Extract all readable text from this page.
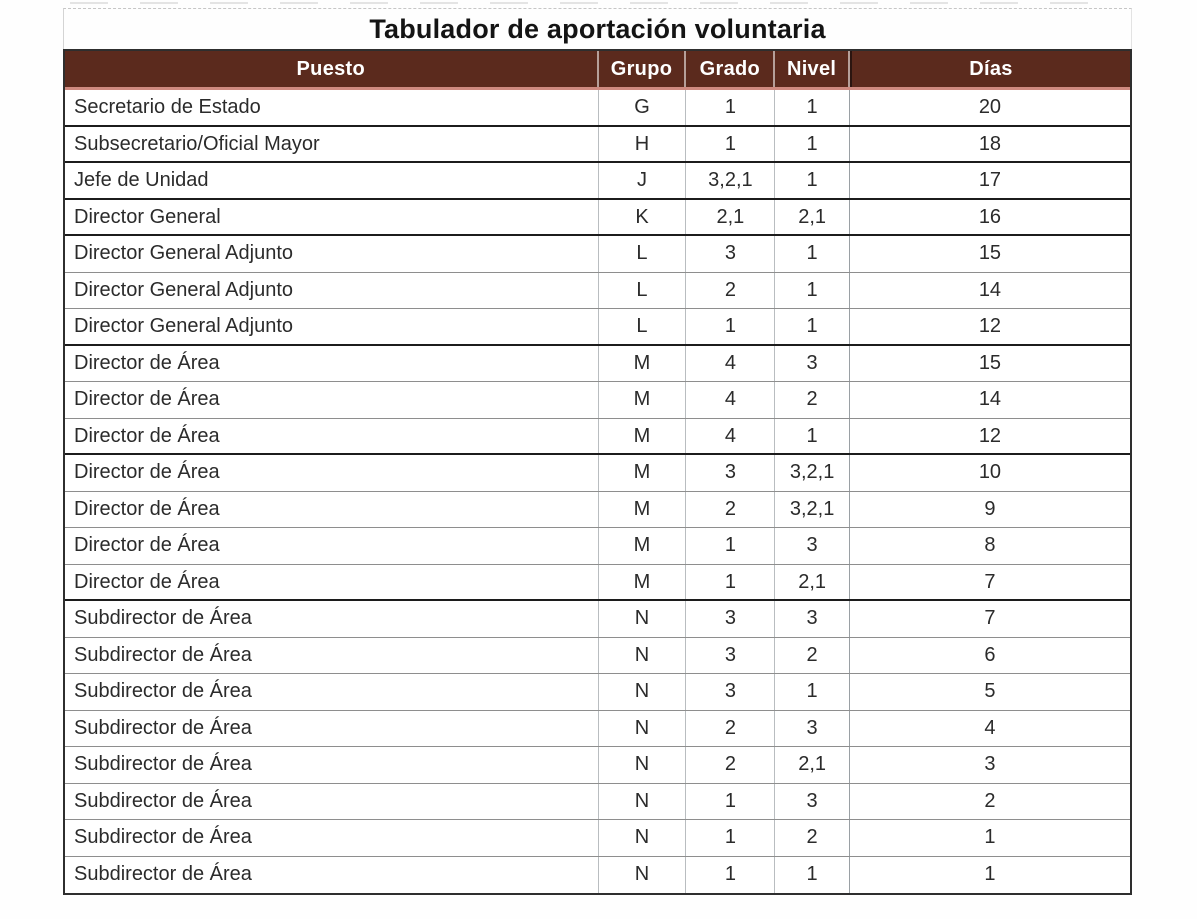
Tabulador de aportación voluntaria
Puesto	Grupo	Grado	Nivel	Días
Secretario de Estado	G	1	1	20
Subsecretario/Oficial Mayor	H	1	1	18
Jefe de Unidad	J	3,2,1	1	17
Director General	K	2,1	2,1	16
Director General Adjunto	L	3	1	15
Director General Adjunto	L	2	1	14
Director General Adjunto	L	1	1	12
Director de Área	M	4	3	15
Director de Área	M	4	2	14
Director de Área	M	4	1	12
Director de Área	M	3	3,2,1	10
Director de Área	M	2	3,2,1	9
Director de Área	M	1	3	8
Director de Área	M	1	2,1	7
Subdirector de Área	N	3	3	7
Subdirector de Área	N	3	2	6
Subdirector de Área	N	3	1	5
Subdirector de Área	N	2	3	4
Subdirector de Área	N	2	2,1	3
Subdirector de Área	N	1	3	2
Subdirector de Área	N	1	2	1
Subdirector de Área	N	1	1	1
